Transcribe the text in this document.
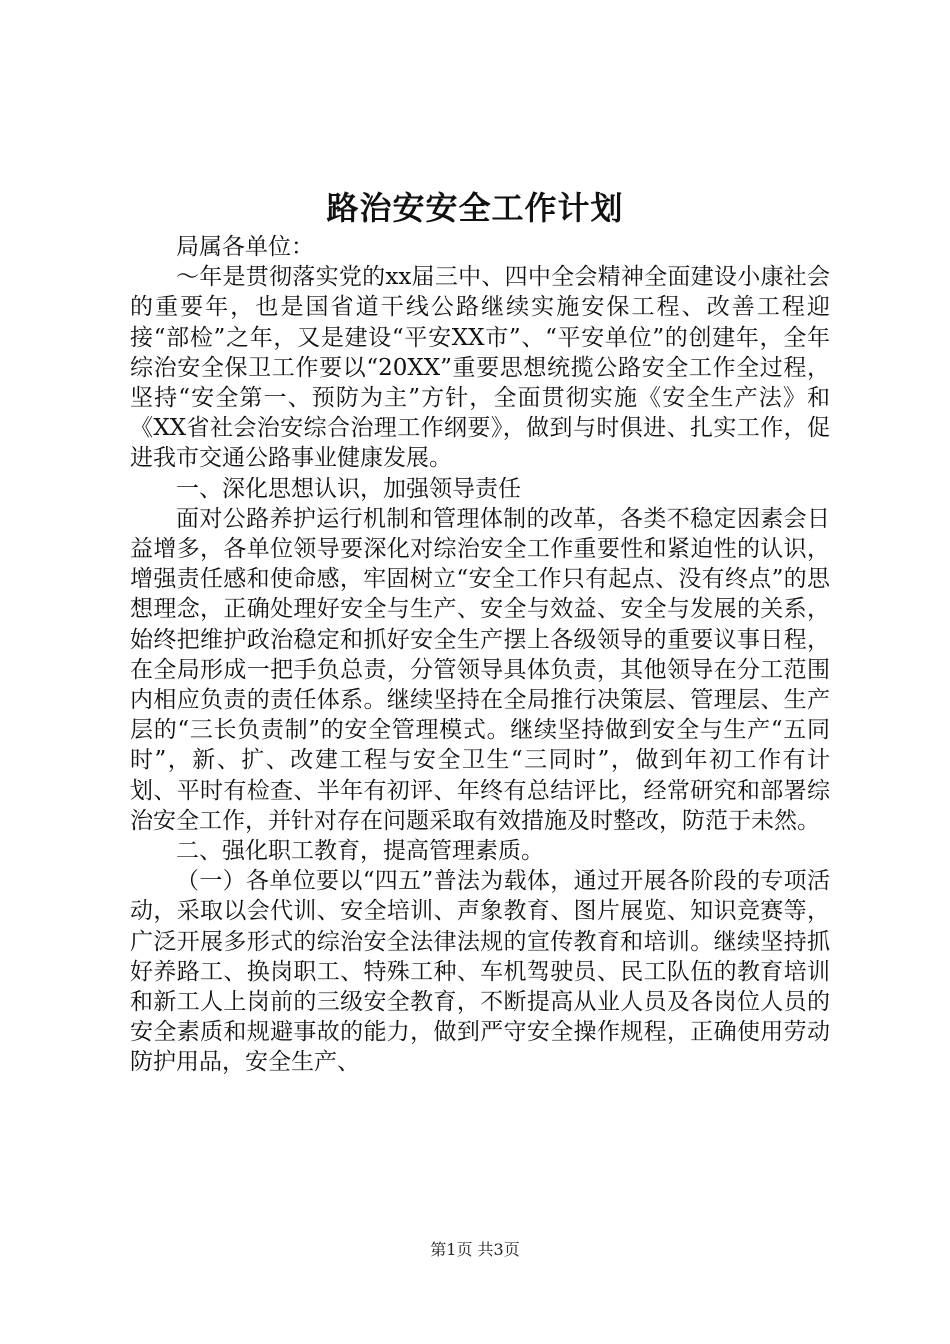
路治安安全工作计划

局属各单位：

～年是贯彻落实党的xx届三中、四中全会精神全面建设小康社会的重要年，也是国省道干线公路继续实施安保工程、改善工程迎接“部检”之年，又是建设“平安XX市”、“平安单位”的创建年，全年综治安全保卫工作要以“20XX”重要思想统揽公路安全工作全过程，坚持“安全第一、预防为主”方针，全面贯彻实施《安全生产法》和《XX省社会治安综合治理工作纲要》，做到与时俱进、扎实工作，促进我市交通公路事业健康发展。

一、深化思想认识，加强领导责任

面对公路养护运行机制和管理体制的改革，各类不稳定因素会日益增多，各单位领导要深化对综治安全工作重要性和紧迫性的认识，增强责任感和使命感，牢固树立“安全工作只有起点、没有终点”的思想理念，正确处理好安全与生产、安全与效益、安全与发展的关系，始终把维护政治稳定和抓好安全生产摆上各级领导的重要议事日程，在全局形成一把手负总责，分管领导具体负责，其他领导在分工范围内相应负责的责任体系。继续坚持在全局推行决策层、管理层、生产层的“三长负责制”的安全管理模式。继续坚持做到安全与生产“五同时”，新、扩、改建工程与安全卫生“三同时”，做到年初工作有计划、平时有检查、半年有初评、年终有总结评比，经常研究和部署综治安全工作，并针对存在问题采取有效措施及时整改，防范于未然。

二、强化职工教育，提高管理素质。

（一）各单位要以“四五”普法为载体，通过开展各阶段的专项活动，采取以会代训、安全培训、声象教育、图片展览、知识竞赛等，广泛开展多形式的综治安全法律法规的宣传教育和培训。继续坚持抓好养路工、换岗职工、特殊工种、车机驾驶员、民工队伍的教育培训和新工人上岗前的三级安全教育，不断提高从业人员及各岗位人员的安全素质和规避事故的能力，做到严守安全操作规程，正确使用劳动防护用品，安全生产、

第1页 共3页
